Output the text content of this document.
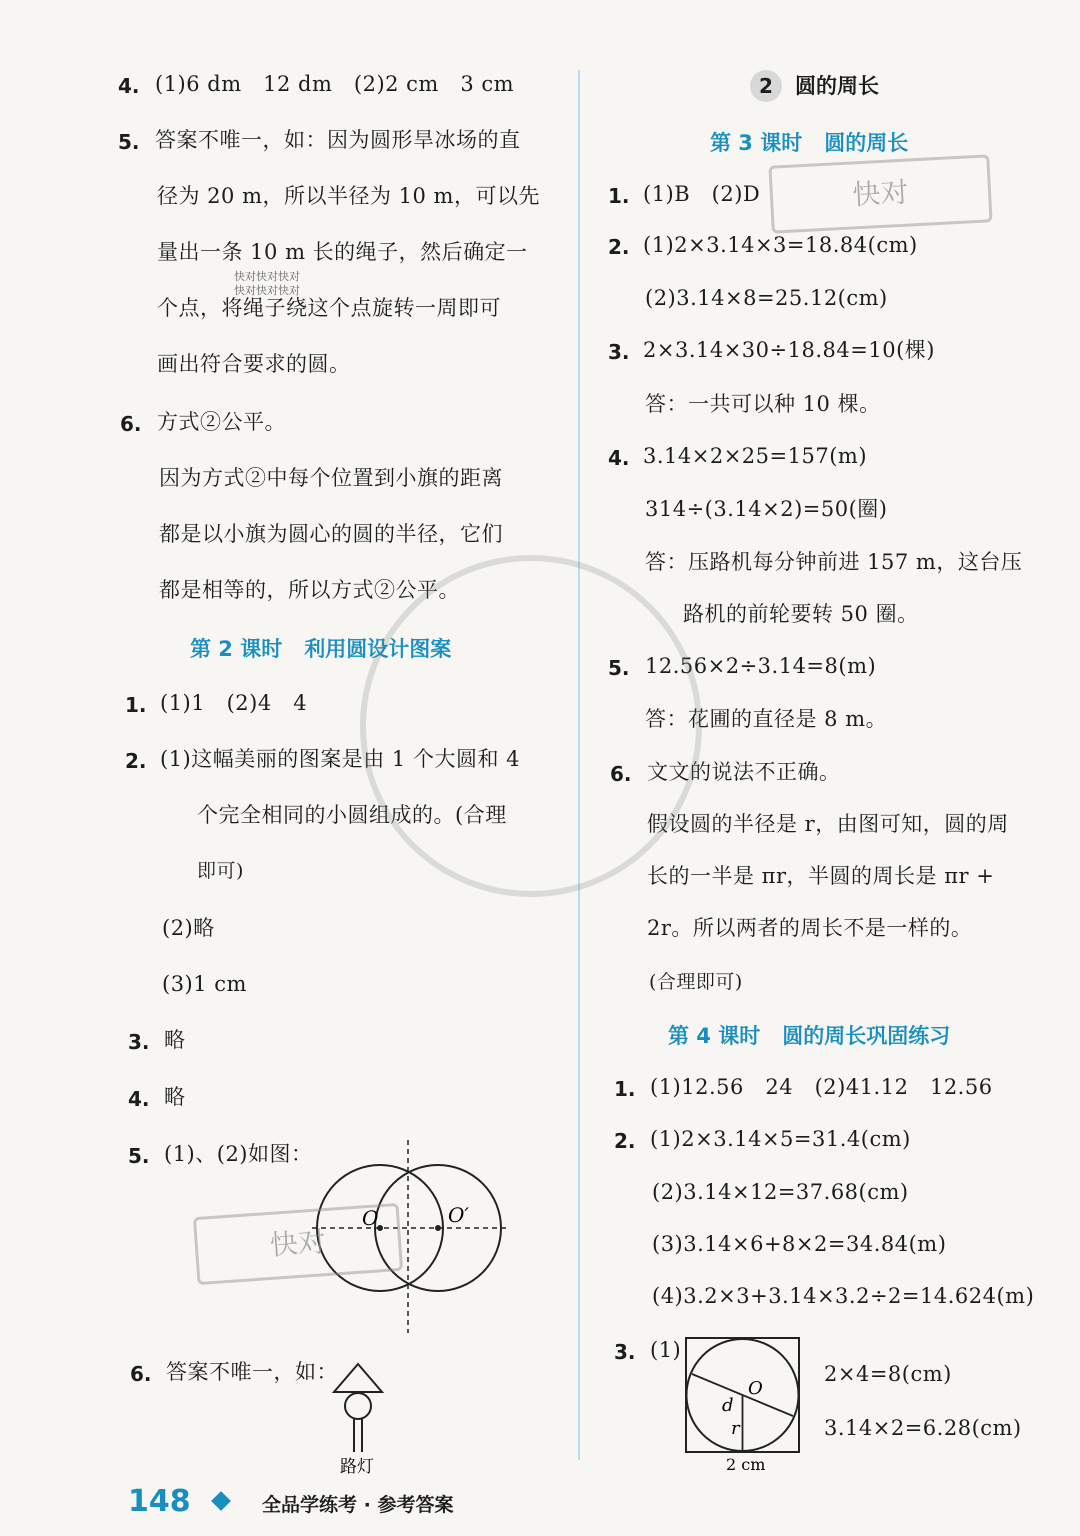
4. (1)6 dm　12 dm　(2)2 cm　3 cm
5. 答案不唯一，如：因为圆形旱冰场的直
径为 20 m，所以半径为 10 m，可以先
量出一条 10 m 长的绳子，然后确定一
个点，将绳子绕这个点旋转一周即可
画出符合要求的圆。
6. 方式②公平。
因为方式②中每个位置到小旗的距离
都是以小旗为圆心的圆的半径，它们
都是相等的，所以方式②公平。
第 2 课时 利用圆设计图案
1. (1)1　(2)4　4
2. (1)这幅美丽的图案是由 1 个大圆和 4
个完全相同的小圆组成的。(合理
即可)
(2)略
(3)1 cm
3. 略
4. 略
5. (1)、(2)如图：
O	O′
6. 答案不唯一，如：
路灯
2	圆的周长
第 3 课时 圆的周长
1. (1)B　(2)D
2. (1)2×3.14×3=18.84(cm)
(2)3.14×8=25.12(cm)
3. 2×3.14×30÷18.84=10(棵)
答：一共可以种 10 棵。
4. 3.14×2×25=157(m)
314÷(3.14×2)=50(圈)
答：压路机每分钟前进 157 m，这台压
路机的前轮要转 50 圈。
5. 12.56×2÷3.14=8(m)
答：花圃的直径是 8 m。
6. 文文的说法不正确。
假设圆的半径是 r，由图可知，圆的周
长的一半是 πr，半圆的周长是 πr +
2r。所以两者的周长不是一样的。
(合理即可)
第 4 课时 圆的周长巩固练习
1. (1)12.56　24　(2)41.12　12.56
2. (1)2×3.14×5=31.4(cm)
(2)3.14×12=37.68(cm)
(3)3.14×6+8×2=34.84(m)
(4)3.2×3+3.14×3.2÷2=14.624(m)
3. (1)
O
d
r
2 cm
2×4=8(cm)
3.14×2=6.28(cm)
快对
快对
快对快对快对
快对快对快对
148	全品学练考 · 参考答案
